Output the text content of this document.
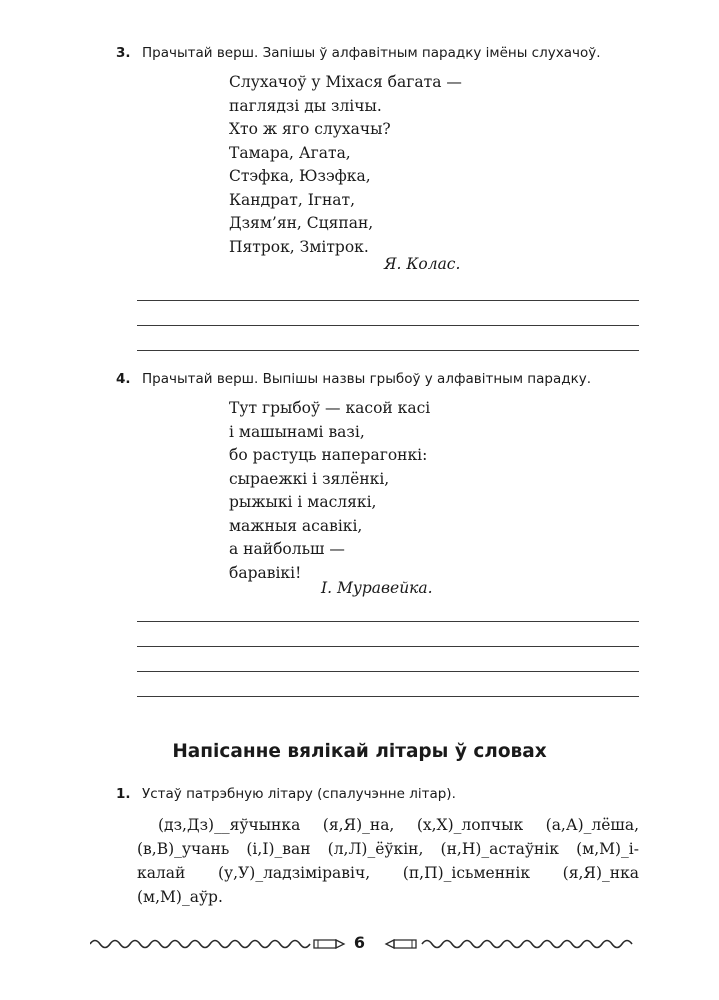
3. Прачытай верш. Запішы ў алфавітным парадку імёны слухачоў.
Слухачоў у Міхася багата —
паглядзі ды злічы.
Хто ж яго слухачы?
Тамара, Агата,
Стэфка, Юзэфка,
Кандрат, Ігнат,
Дзям’ян, Сцяпан,
Пятрок, Змітрок.
Я. Колас.
4. Прачытай верш. Выпішы назвы грыбоў у алфавітным парадку.
Тут грыбоў — касой касі
і машынамі вазі,
бо растуць наперагонкі:
сыраежкі і зялёнкі,
рыжыкі і маслякі,
мажныя асавікі,
а найбольш —
баравікі!
І. Муравейка.
Напісанне вялікай літары ў словах
1. Устаў патрэбную літару (спалучэнне літар).
(дз,Дз)__яўчынка (я,Я)_на, (х,Х)_лопчык (а,А)_лёша,
(в,В)_учань (і,І)_ван (л,Л)_ёўкін, (н,Н)_астаўнік (м,М)_і-
калай (у,У)_ладзіміравіч, (п,П)_ісьменнік (я,Я)_нка
(м,М)_аўр.
6
